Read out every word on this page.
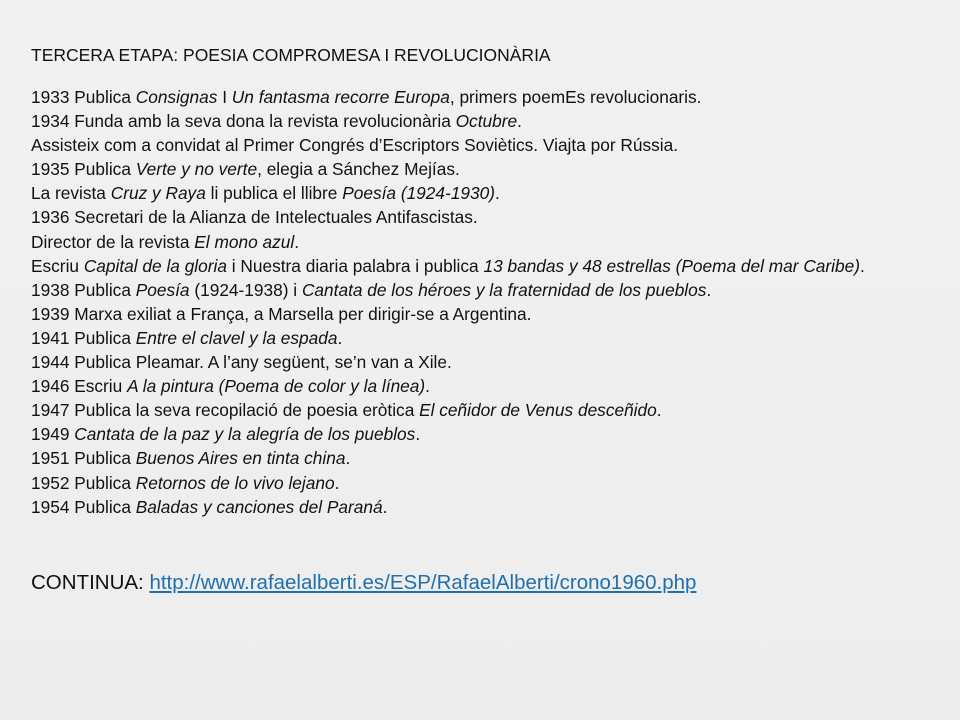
TERCERA ETAPA: POESIA COMPROMESA I REVOLUCIONÀRIA
1933 Publica Consignas I Un fantasma recorre Europa, primers poemEs revolucionaris.
1934 Funda amb la seva dona la revista revolucionària Octubre.
Assisteix com a convidat al Primer Congrés d’Escriptors Soviètics. Viajta por Rússia.
1935 Publica Verte y no verte, elegia a Sánchez Mejías.
La revista Cruz y Raya li publica el llibre Poesía (1924-1930).
1936 Secretari de la Alianza de Intelectuales Antifascistas.
Director de la revista El mono azul.
Escriu Capital de la gloria i Nuestra diaria palabra i publica 13 bandas y 48 estrellas (Poema del mar Caribe).
1938 Publica Poesía (1924-1938) i Cantata de los héroes y la fraternidad de los pueblos.
1939 Marxa exiliat a França, a Marsella per dirigir-se a Argentina.
1941 Publica Entre el clavel y la espada.
1944 Publica Pleamar. A l’any següent, se’n van a Xile.
1946 Escriu A la pintura (Poema de color y la línea).
1947 Publica la seva recopilació de poesia eròtica El ceñidor de Venus desceñido.
1949 Cantata de la paz y la alegría de los pueblos.
1951 Publica Buenos Aires en tinta china.
1952 Publica Retornos de lo vivo lejano.
1954 Publica Baladas y canciones del Paraná.
CONTINUA: http://www.rafaelalberti.es/ESP/RafaelAlberti/crono1960.php
